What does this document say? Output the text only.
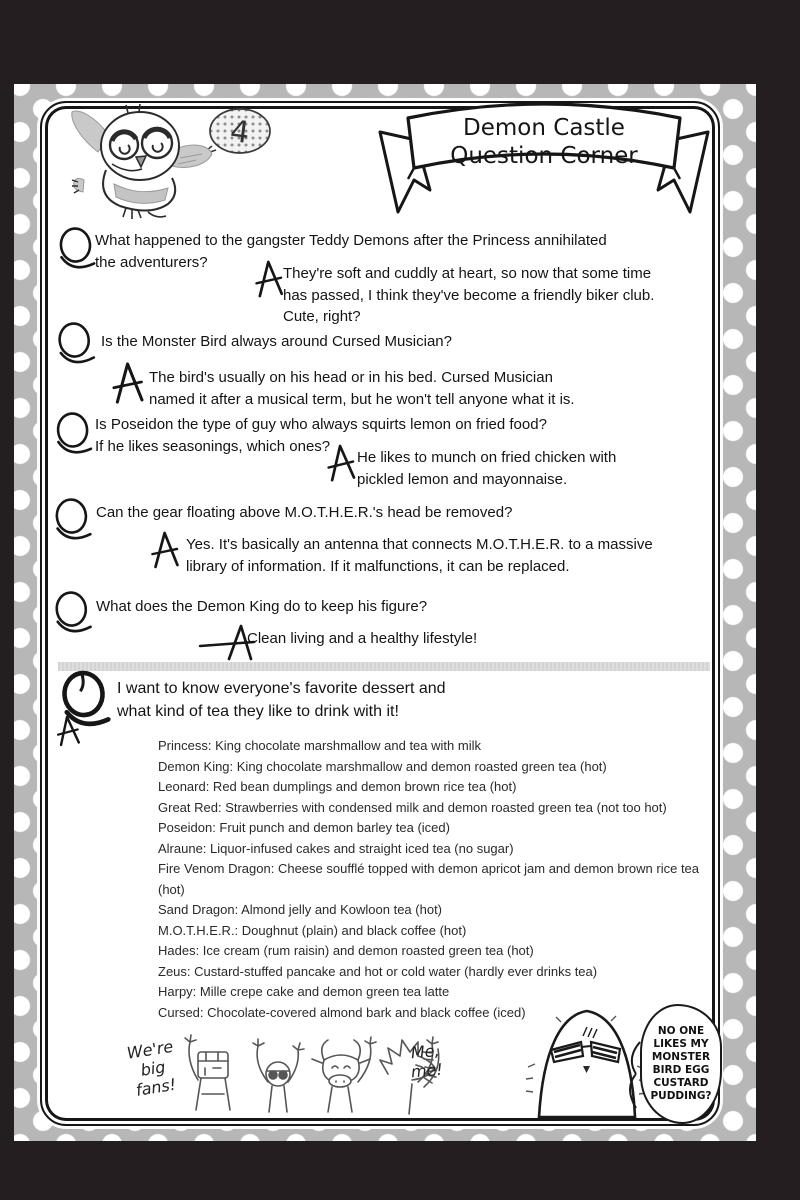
Demon Castle
Question Corner
4
What happened to the gangster Teddy Demons after the Princess annihilated
the adventurers?
They're soft and cuddly at heart, so now that some time
has passed, I think they've become a friendly biker club.
Cute, right?
Is the Monster Bird always around Cursed Musician?
The bird's usually on his head or in his bed. Cursed Musician
named it after a musical term, but he won't tell anyone what it is.
Is Poseidon the type of guy who always squirts lemon on fried food?
If he likes seasonings, which ones?
He likes to munch on fried chicken with
pickled lemon and mayonnaise.
Can the gear floating above M.O.T.H.E.R.'s head be removed?
Yes. It's basically an antenna that connects M.O.T.H.E.R. to a massive
library of information. If it malfunctions, it can be replaced.
What does the Demon King do to keep his figure?
Clean living and a healthy lifestyle!
I want to know everyone's favorite dessert and
what kind of tea they like to drink with it!
Princess: King chocolate marshmallow and tea with milk
Demon King: King chocolate marshmallow and demon roasted green tea (hot)
Leonard: Red bean dumplings and demon brown rice tea (hot)
Great Red: Strawberries with condensed milk and demon roasted green tea (not too hot)
Poseidon: Fruit punch and demon barley tea (iced)
Alraune: Liquor-infused cakes and straight iced tea (no sugar)
Fire Venom Dragon: Cheese soufflé topped with demon apricot jam and demon brown rice tea (hot)
Sand Dragon: Almond jelly and Kowloon tea (hot)
M.O.T.H.E.R.: Doughnut (plain) and black coffee (hot)
Hades: Ice cream (rum raisin) and demon roasted green tea (hot)
Zeus: Custard-stuffed pancake and hot or cold water (hardly ever drinks tea)
Harpy: Mille crepe cake and demon green tea latte
Cursed: Chocolate-covered almond bark and black coffee (iced)
We're
big
fans!
Me,
me!
NO ONE
LIKES MY
MONSTER
BIRD EGG
CUSTARD
PUDDING?
